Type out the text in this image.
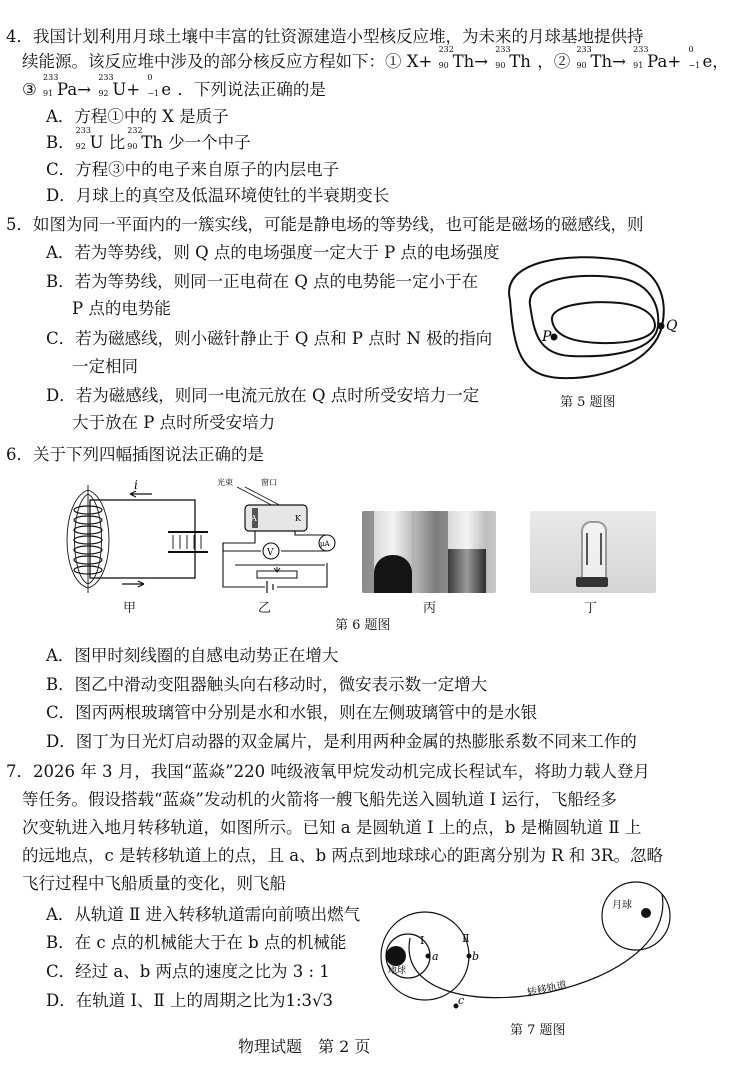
4．我国计划利用月球土壤中丰富的钍资源建造小型核反应堆，为未来的月球基地提供持
续能源。该反应堆中涉及的部分核反应方程如下：① X+
232
90 Th→
233
90 Th ，②
233
90 Th→
233
91 Pa+
0
−1 e，
③
233
91 Pa→
233
92 U+
0
−1 e ．下列说法正确的是
A．方程①中的 X 是质子
B．
233
92 U 比
232
90 Th 少一个中子
C．方程③中的电子来自原子的内层电子
D．月球上的真空及低温环境使钍的半衰期变长
5．如图为同一平面内的一簇实线，可能是静电场的等势线，也可能是磁场的磁感线，则
A．若为等势线，则 Q 点的电场强度一定大于 P 点的电场强度
B．若为等势线，则同一正电荷在 Q 点的电势能一定小于在
P 点的电势能
C．若为磁感线，则小磁针静止于 Q 点和 P 点时 N 极的指向
一定相同
D．若为磁感线，则同一电流元放在 Q 点时所受安培力一定
大于放在 P 点时所受安培力
P
Q
第 5 题图
6．关于下列四幅插图说法正确的是
i
甲
光束	窗口
A	K
V
μA
乙	丙	丁
第 6 题图
A．图甲时刻线圈的自感电动势正在增大
B．图乙中滑动变阻器触头向右移动时，微安表示数一定增大
C．图丙两根玻璃管中分别是水和水银，则在左侧玻璃管中的是水银
D．图丁为日光灯启动器的双金属片，是利用两种金属的热膨胀系数不同来工作的
7．2026 年 3 月，我国“蓝焱”220 吨级液氧甲烷发动机完成长程试车，将助力载人登月
等任务。假设搭载“蓝焱”发动机的火箭将一艘飞船先送入圆轨道 Ⅰ 运行，飞船经多
次变轨进入地月转移轨道，如图所示。已知 a 是圆轨道 Ⅰ 上的点，b 是椭圆轨道 Ⅱ 上
的远地点，c 是转移轨道上的点，且 a、b 两点到地球球心的距离分别为 R 和 3R。忽略
飞行过程中飞船质量的变化，则飞船
A．从轨道 Ⅱ 进入转移轨道需向前喷出燃气
B．在 c 点的机械能大于在 b 点的机械能
C．经过 a、b 两点的速度之比为 3 : 1
D．在轨道 Ⅰ、Ⅱ 上的周期之比为1:3√3
月球
转移轨道
地球
Ⅰ	Ⅱ
a	b
c
第 7 题图
物理试题　第 2 页
